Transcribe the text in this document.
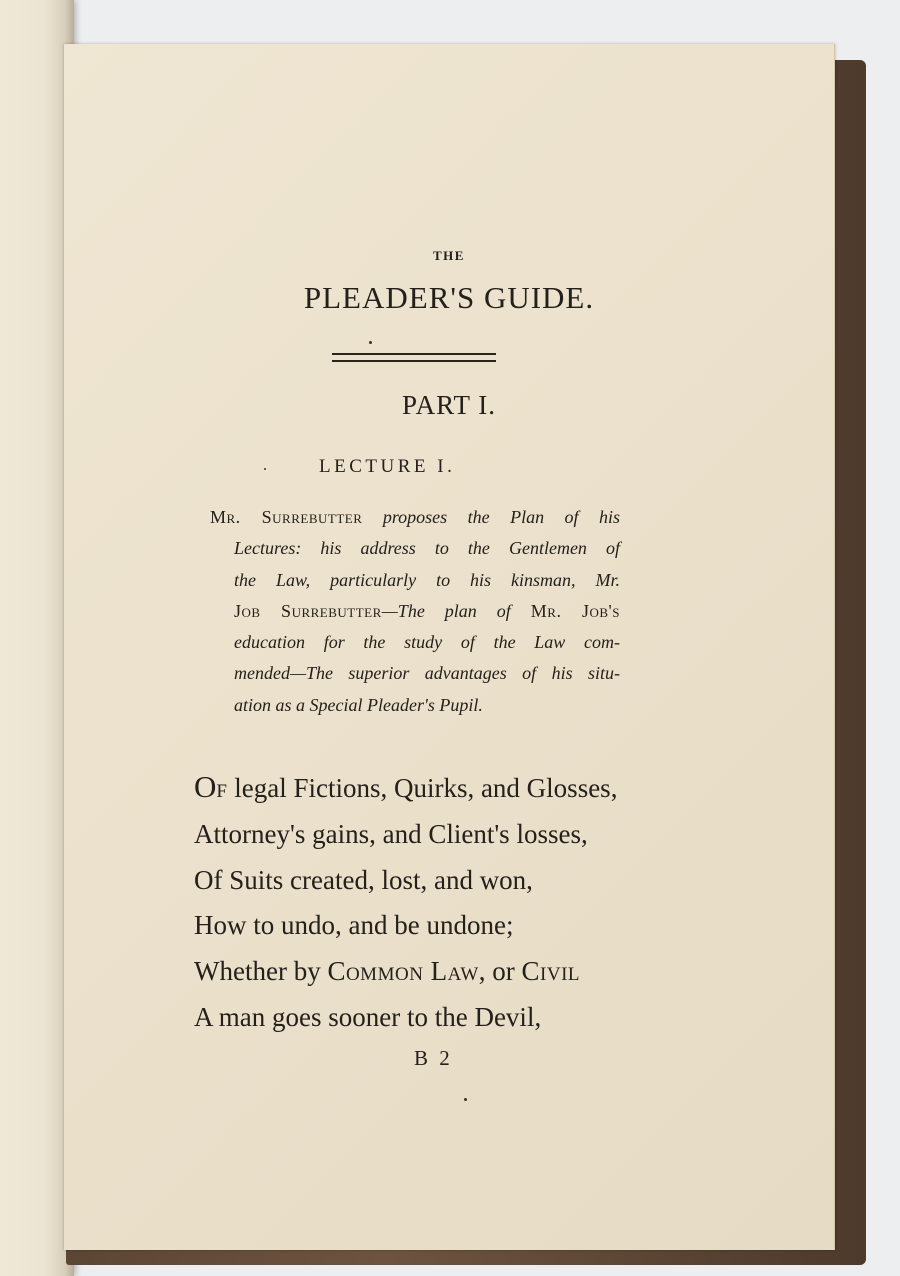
THE
PLEADER'S GUIDE.
PART I.
LECTURE I.
Mr. Surrebutter proposes the Plan of his
Lectures: his address to the Gentlemen of
the Law, particularly to his kinsman, Mr.
Job Surrebutter—The plan of Mr. Job's
education for the study of the Law com-
mended—The superior advantages of his situ-
ation as a Special Pleader's Pupil.
Of legal Fictions, Quirks, and Glosses,
Attorney's gains, and Client's losses,
Of Suits created, lost, and won,
How to undo, and be undone;
Whether by Common Law, or Civil
A man goes sooner to the Devil,
B 2
